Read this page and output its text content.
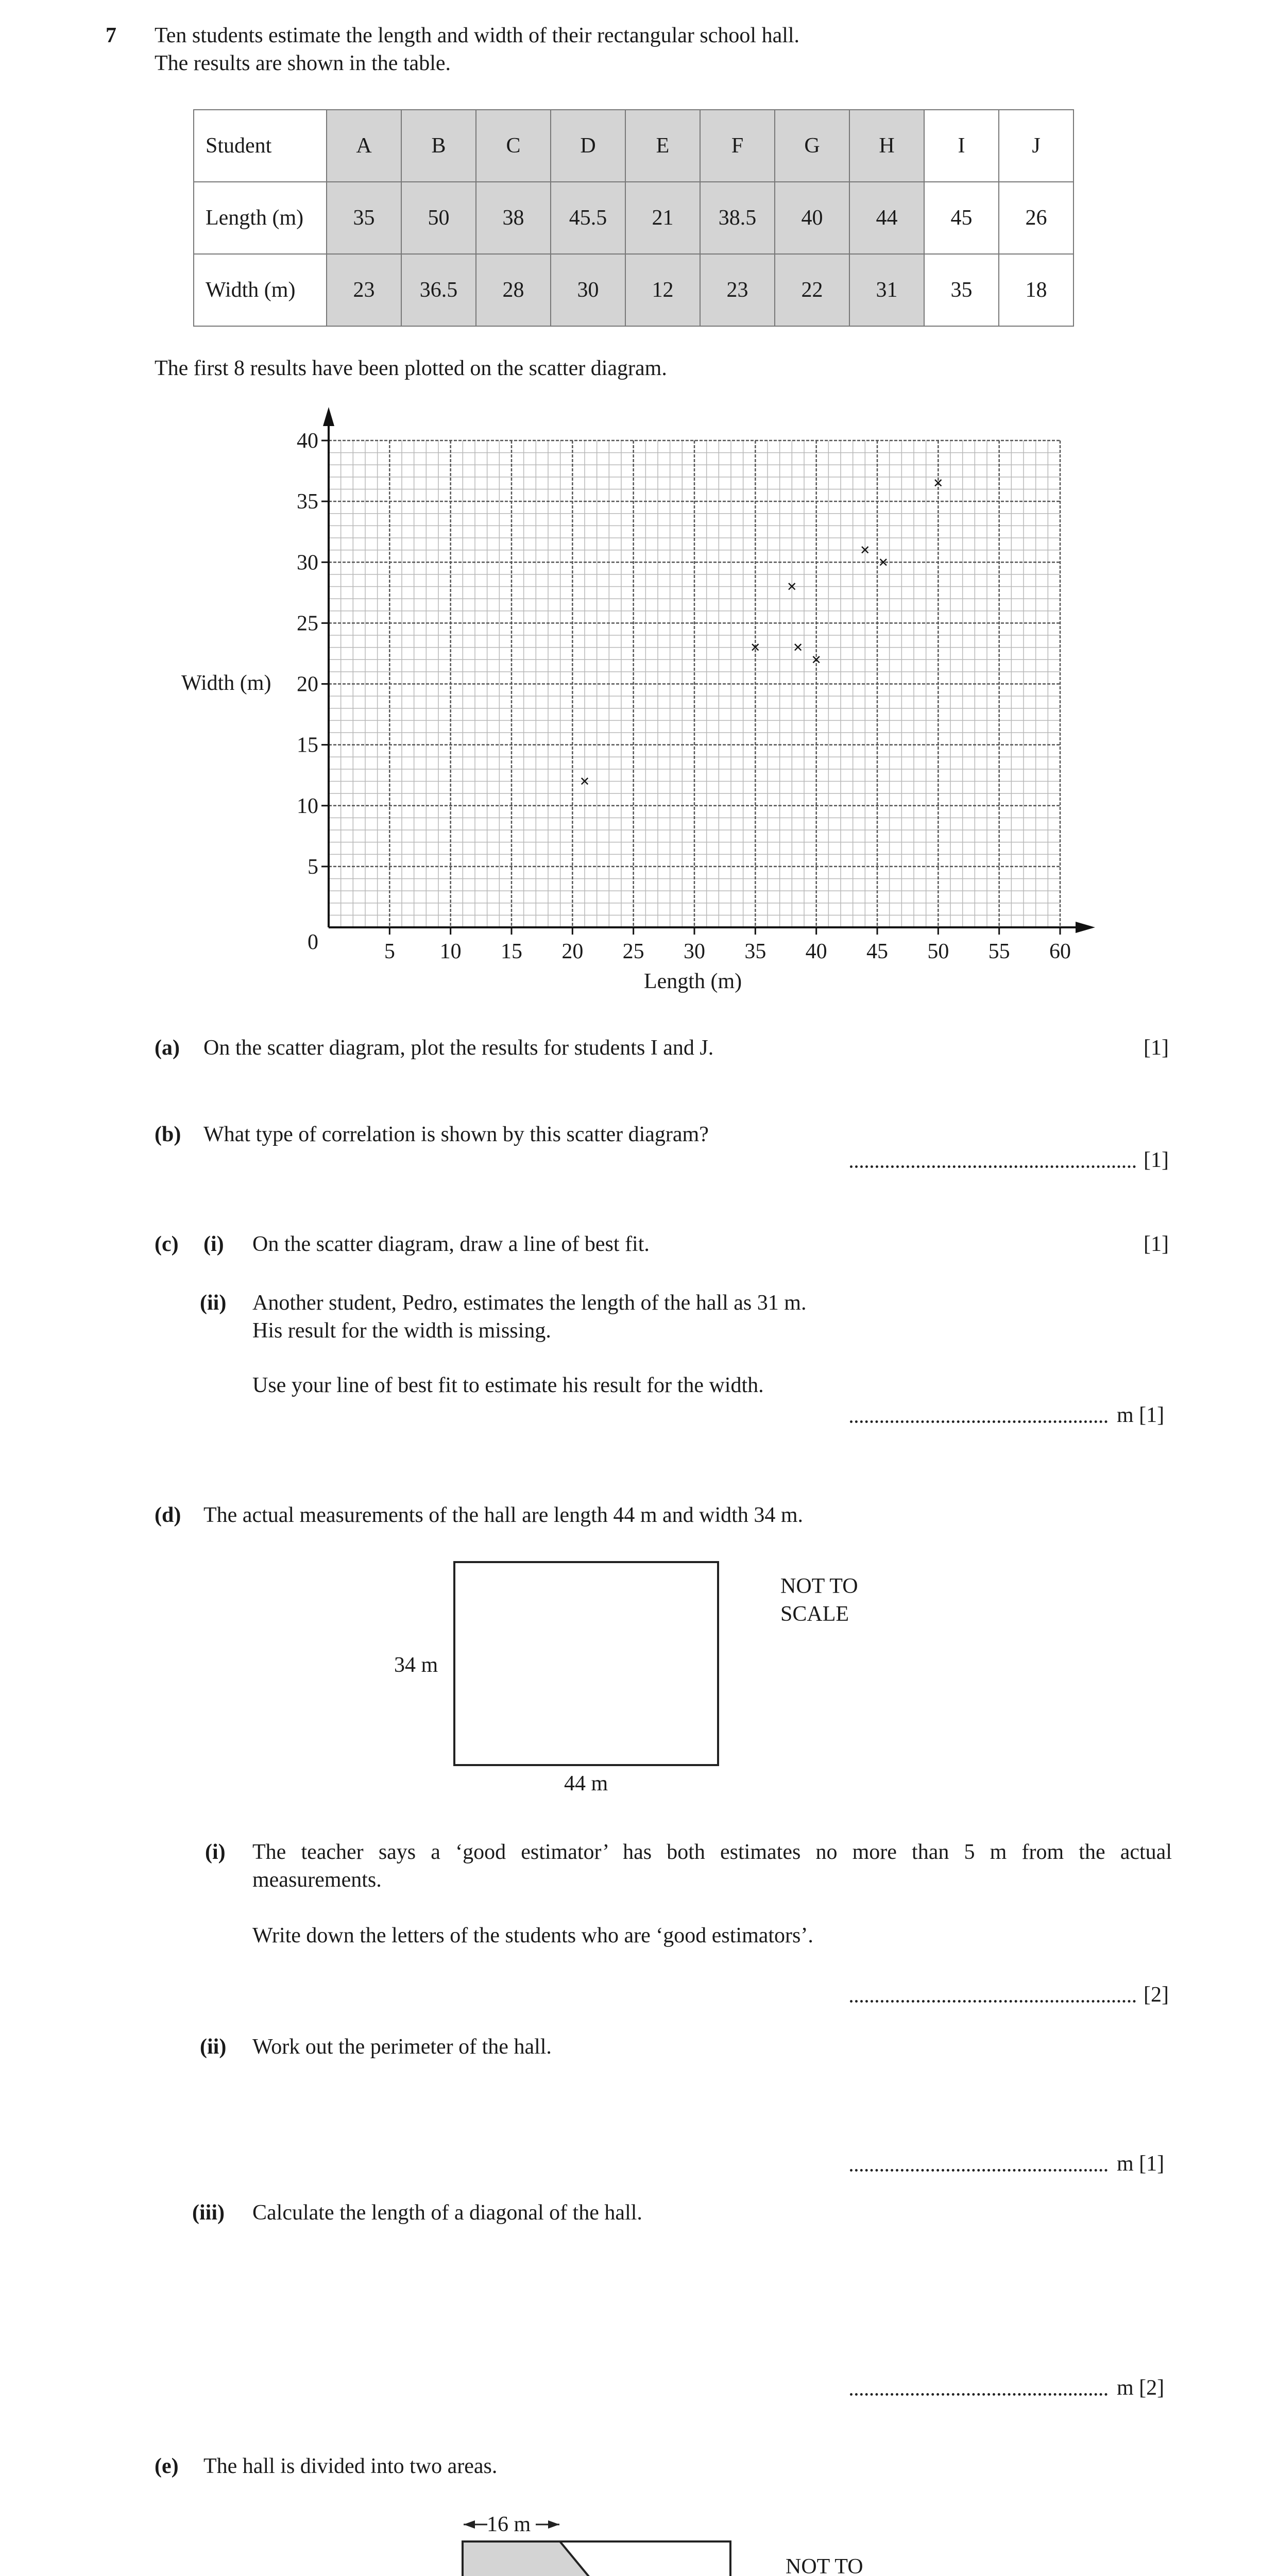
7 Ten students estimate the length and width of their rectangular school hall.
The results are shown in the table.
Student	A	B	C	D	E	F	G	H	I	J
Length (m)	35	50	38	45.5	21	38.5	40	44	45	26
Width (m)	23	36.5	28	30	12	23	22	31	35	18
The first 8 results have been plotted on the scatter diagram.
5 10 15 20 25 30 35 40 45 50 55 60
5
10
15
20
25
30
35
40
0
×
×
×
×
×
×
×
×
Width (m)
Length (m)
(a) On the scatter diagram, plot the results for students I and J.	[1]
(b) What type of correlation is shown by this scatter diagram?
[1]
(c) (i) On the scatter diagram, draw a line of best fit.	[1]
(ii) Another student, Pedro, estimates the length of the hall as 31 m.
His result for the width is missing.
Use your line of best fit to estimate his result for the width.
m [1]
(d) The actual measurements of the hall are length 44 m and width 34 m.
34 m
44 m
NOT TO
SCALE
(i) The teacher says a ‘good estimator’ has both estimates no more than 5 m from the actual
measurements.
Write down the letters of the students who are ‘good estimators’.
[2]
(ii) Work out the perimeter of the hall.
m [1]
(iii) Calculate the length of a diagonal of the hall.
m [2]
(e) The hall is divided into two areas.
16 m
NOT TO
